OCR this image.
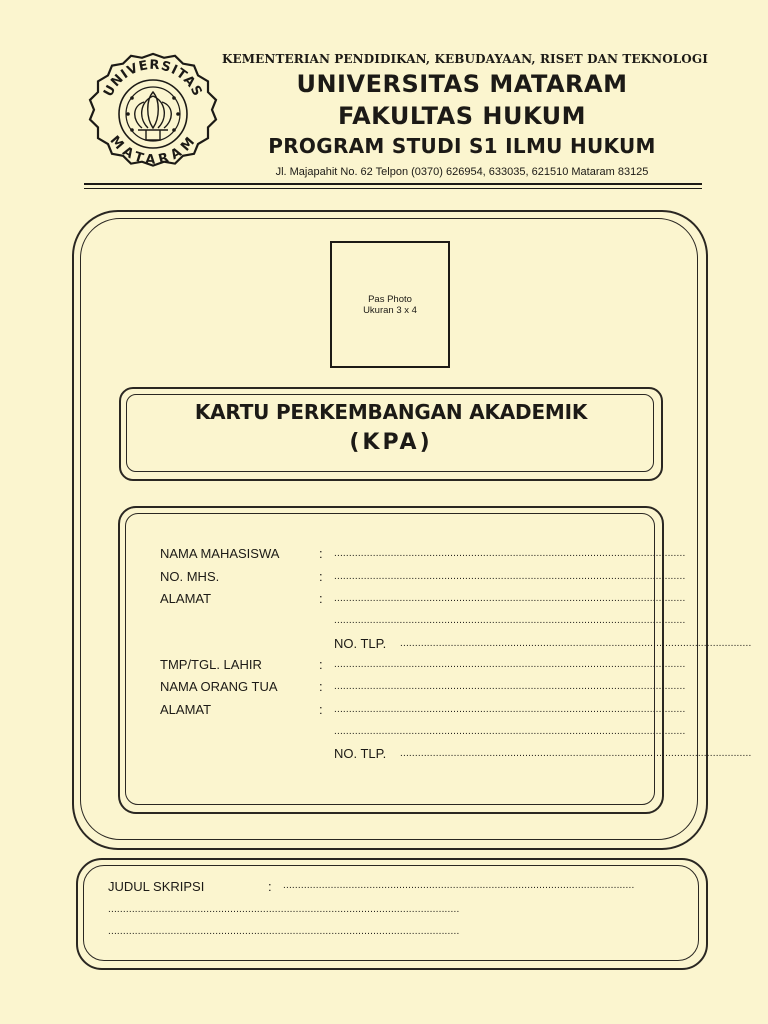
UNIVERSITAS
MATARAM
KEMENTERIAN PENDIDIKAN, KEBUDAYAAN, RISET DAN TEKNOLOGI
UNIVERSITAS MATARAM
FAKULTAS HUKUM
PROGRAM STUDI S1 ILMU HUKUM
Jl. Majapahit No. 62 Telpon (0370) 626954, 633035, 621510 Mataram 83125
Pas Photo
Ukuran 3 x 4
KARTU PERKEMBANGAN AKADEMIK
(KPA)
NAMA MAHASISWA	: ......................................................................................................................
NO. MHS.	: ......................................................................................................................
ALAMAT	: ......................................................................................................................
......................................................................................................................
NO. TLP. ......................................................................................................................
TMP/TGL. LAHIR	: ......................................................................................................................
NAMA ORANG TUA	: ......................................................................................................................
ALAMAT	: ......................................................................................................................
......................................................................................................................
NO. TLP. ......................................................................................................................
JUDUL SKRIPSI	: ......................................................................................................................
......................................................................................................................
......................................................................................................................
